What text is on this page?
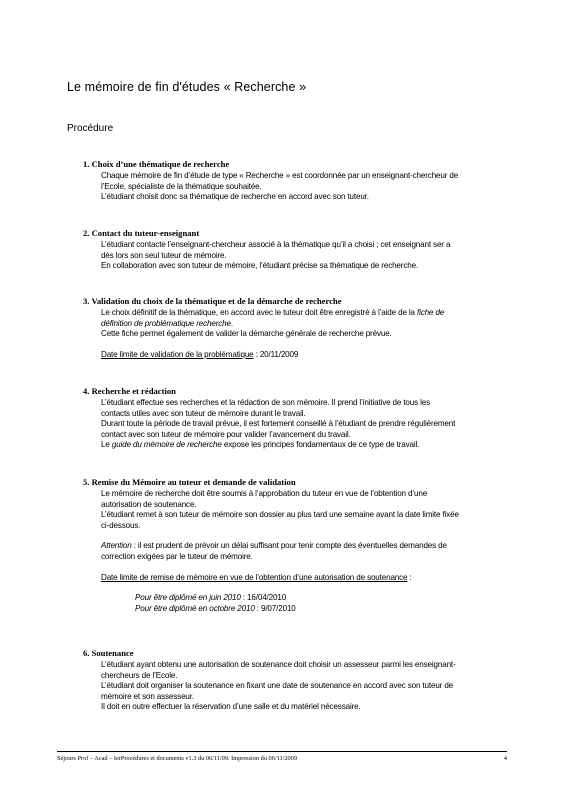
Le mémoire de fin d'études « Recherche »
Procédure

1. Choix d’une thématique de recherche

Chaque mémoire de fin d’étude de type « Recherche » est coordonnée par un enseignant-chercheur de

l’Ecole, spécialiste de la thématique souhaitée.

L’étudiant choisit donc sa thématique de recherche en accord avec son tuteur.

2. Contact du tuteur-enseignant

L’étudiant contacte l’enseignant-chercheur associé à la thématique qu’il a choisi ; cet enseignant ser a

dès lors son seul tuteur de mémoire.

En collaboration avec son tuteur de mémoire, l’étudiant précise sa thématique de recherche.

3. Validation du choix de la thématique et de la démarche de recherche

Le choix définitif de la thématique, en accord avec le tuteur doit être enregistré à l’aide de la fiche de

définition de problématique recherche.

Cette fiche permet également de valider la démarche générale de recherche prévue.

Date limite de validation de la problématique : 20/11/2009

4. Recherche et rédaction

L’étudiant effectue ses recherches et la rédaction de son mémoire. Il prend l’initiative de tous les

contacts utiles avec son tuteur de mémoire durant le travail.

Durant toute la période de travail prévue, il est fortement conseillé à l’étudiant de prendre régulièrement

contact avec son tuteur de mémoire pour valider l’avancement du travail.

Le guide du mémoire de recherche expose les principes fondamentaux de ce type de travail.

5. Remise du Mémoire au tuteur et demande de validation

Le mémoire de recherche doit être soumis à l’approbation du tuteur en vue de l’obtention d’une

autorisation de soutenance.

L’étudiant remet à son tuteur de mémoire son dossier au plus tard une semaine avant la date limite fixée

ci-dessous.

Attention : il est prudent de prévoir un délai suffisant pour tenir compte des éventuelles demandes de

correction exigées par le tuteur de mémoire.

Date limite de remise de mémoire en vue de l’obtention d’une autorisation de soutenance :

Pour être diplômé en juin 2010 : 16/04/2010

Pour être diplômé en octobre 2010 : 9/07/2010

6. Soutenance

L’étudiant ayant obtenu une autorisation de soutenance doit choisir un assesseur parmi les enseignant-

chercheurs de l’Ecole.

L’étudiant doit organiser la soutenance en fixant une date de soutenance en accord avec son tuteur de

mémoire et son assesseur.

Il doit en outre effectuer la réservation d’une salle et du matériel nécessaire.

Séjours Prof – Acad – IerProcédures et documents v1.3 du 06/11/09. Impression du 06/11/2009	4
